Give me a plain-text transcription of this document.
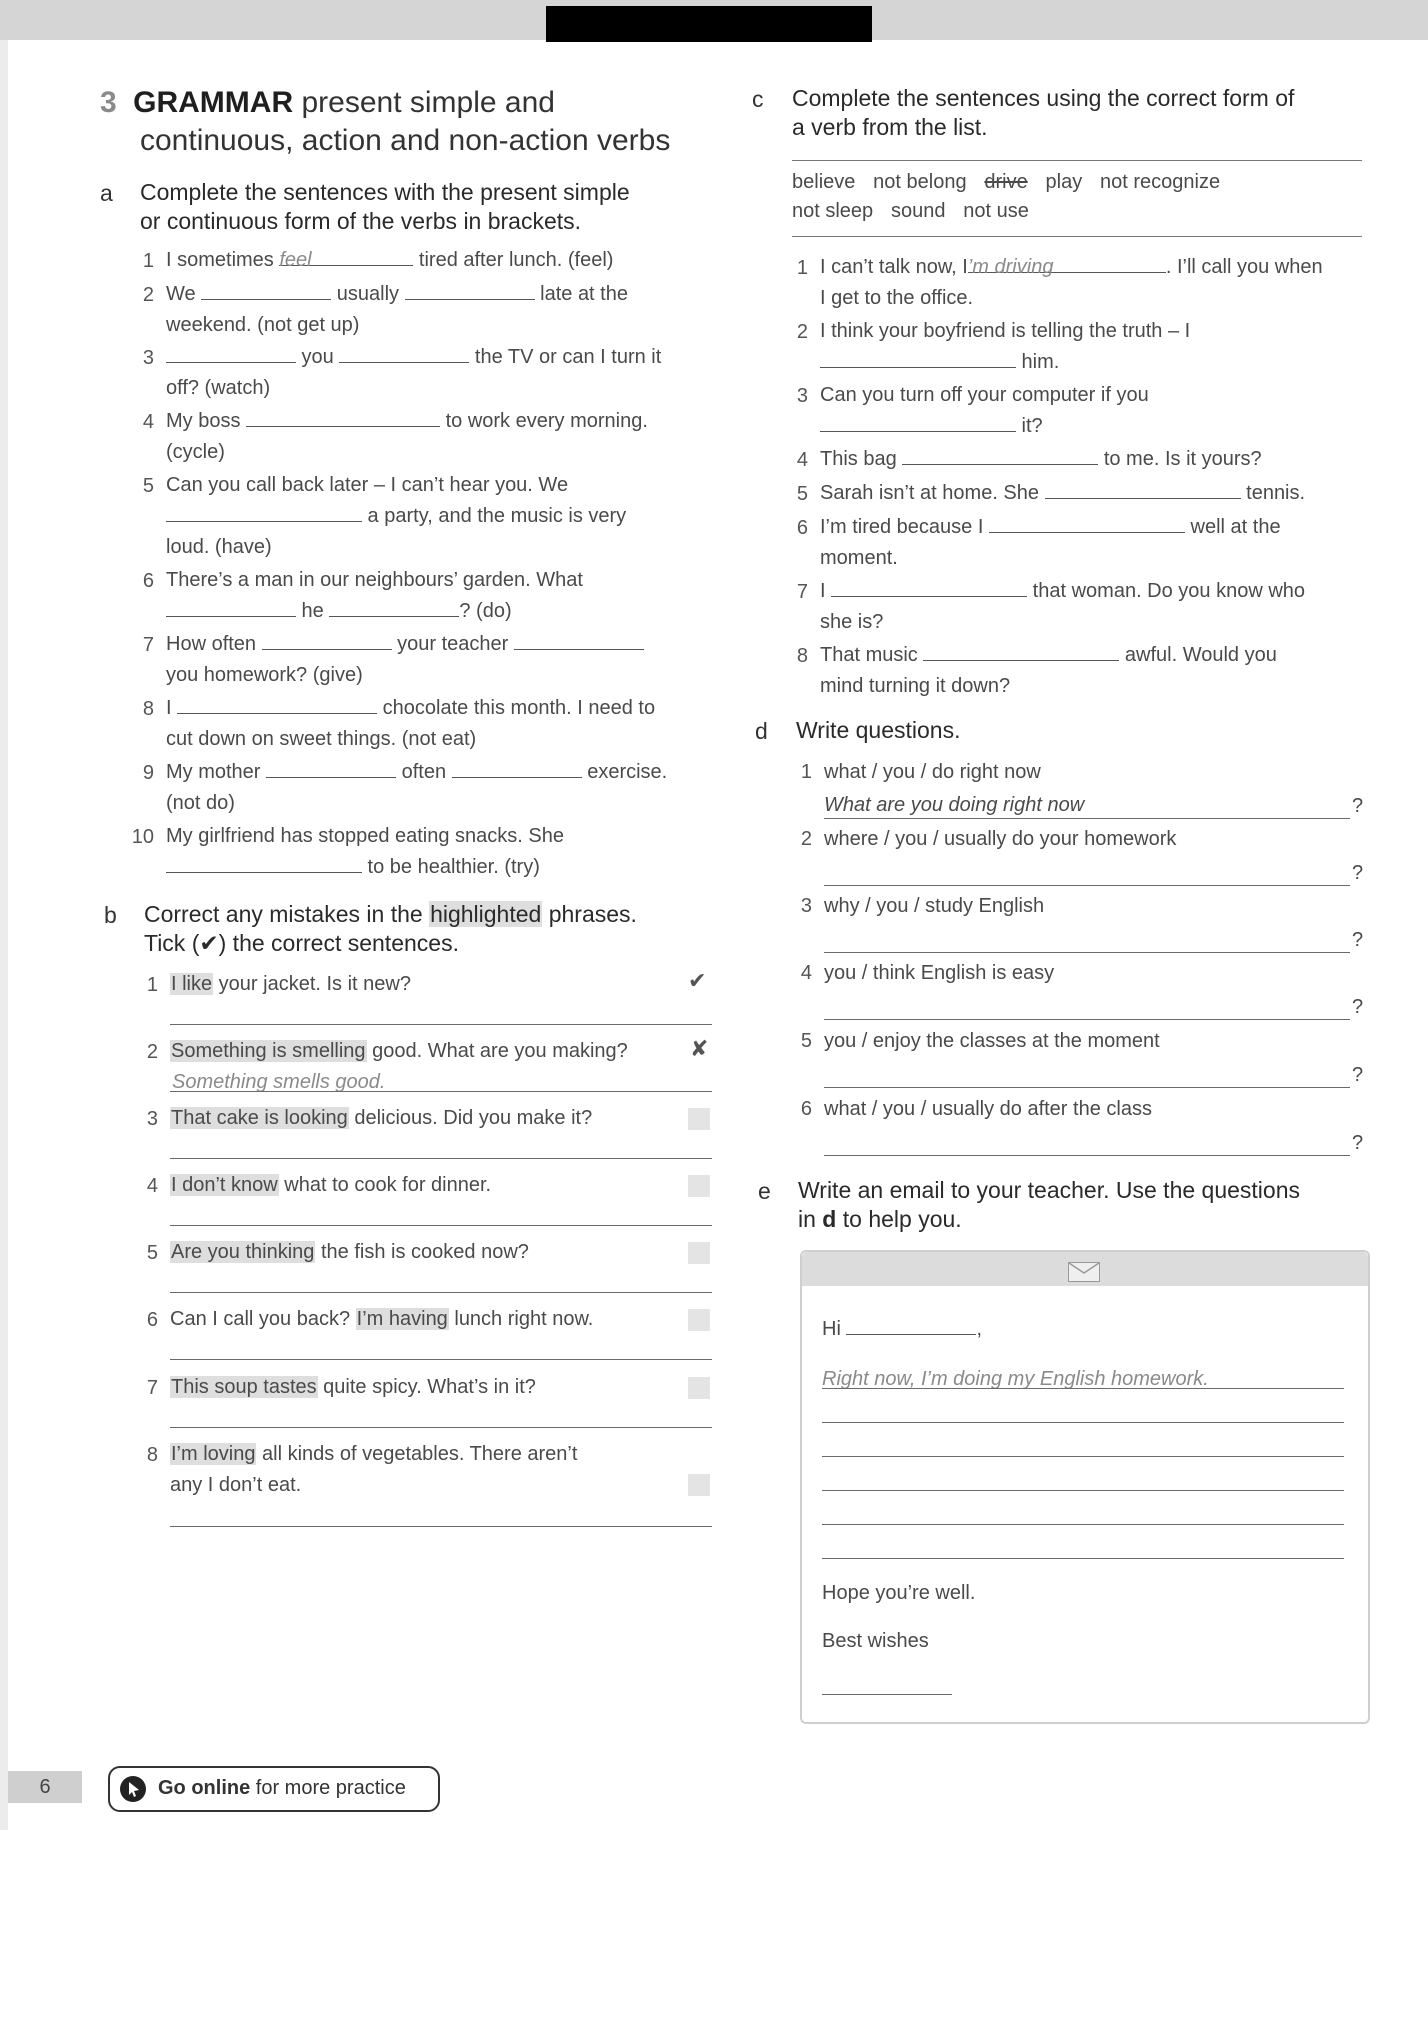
3 GRAMMAR present simple and
continuous, action and non-action verbs
a Complete the sentences with the present simple
or continuous form of the verbs in brackets.
1 I sometimes feel	tired after lunch. (feel)
2 We	usually	late at the
weekend. (not get up)
3	you	the TV or can I turn it
off? (watch)
4 My boss	to work every morning.
(cycle)
5 Can you call back later – I can’t hear you. We
a party, and the music is very
loud. (have)
6 There’s a man in our neighbours’ garden. What
he	? (do)
7 How often	your teacher
you homework? (give)
8 I	chocolate this month. I need to
cut down on sweet things. (not eat)
9 My mother	often	exercise.
(not do)
10 My girlfriend has stopped eating snacks. She
to be healthier. (try)
b Correct any mistakes in the highlighted phrases.
Tick (✔) the correct sentences.
1 I like your jacket. Is it new?	✔
2 Something is smelling good. What are you making?	✘
Something smells good.
3 That cake is looking delicious. Did you make it?
4 I don’t know what to cook for dinner.
5 Are you thinking the fish is cooked now?
6 Can I call you back? I’m having lunch right now.
7 This soup tastes quite spicy. What’s in it?
8 I’m loving all kinds of vegetables. There aren’t
any I don’t eat.
c Complete the sentences using the correct form of
a verb from the list.
believe not belong drive play not recognize
not sleep sound not use
1 I can’t talk now, I’m driving	. I’ll call you when
I get to the office.
2 I think your boyfriend is telling the truth – I
him.
3 Can you turn off your computer if you
it?
4 This bag	to me. Is it yours?
5 Sarah isn’t at home. She	tennis.
6 I’m tired because I	well at the
moment.
7 I	that woman. Do you know who
she is?
8 That music	awful. Would you
mind turning it down?
d Write questions.
1 what / you / do right now
What are you doing right now	?
2 where / you / usually do your homework
?
3 why / you / study English
?
4 you / think English is easy
?
5 you / enjoy the classes at the moment
?
6 what / you / usually do after the class
?
e Write an email to your teacher. Use the questions
in d to help you.
Hi	,
Right now, I’m doing my English homework.
Hope you’re well.
Best wishes
6	Go online for more practice
